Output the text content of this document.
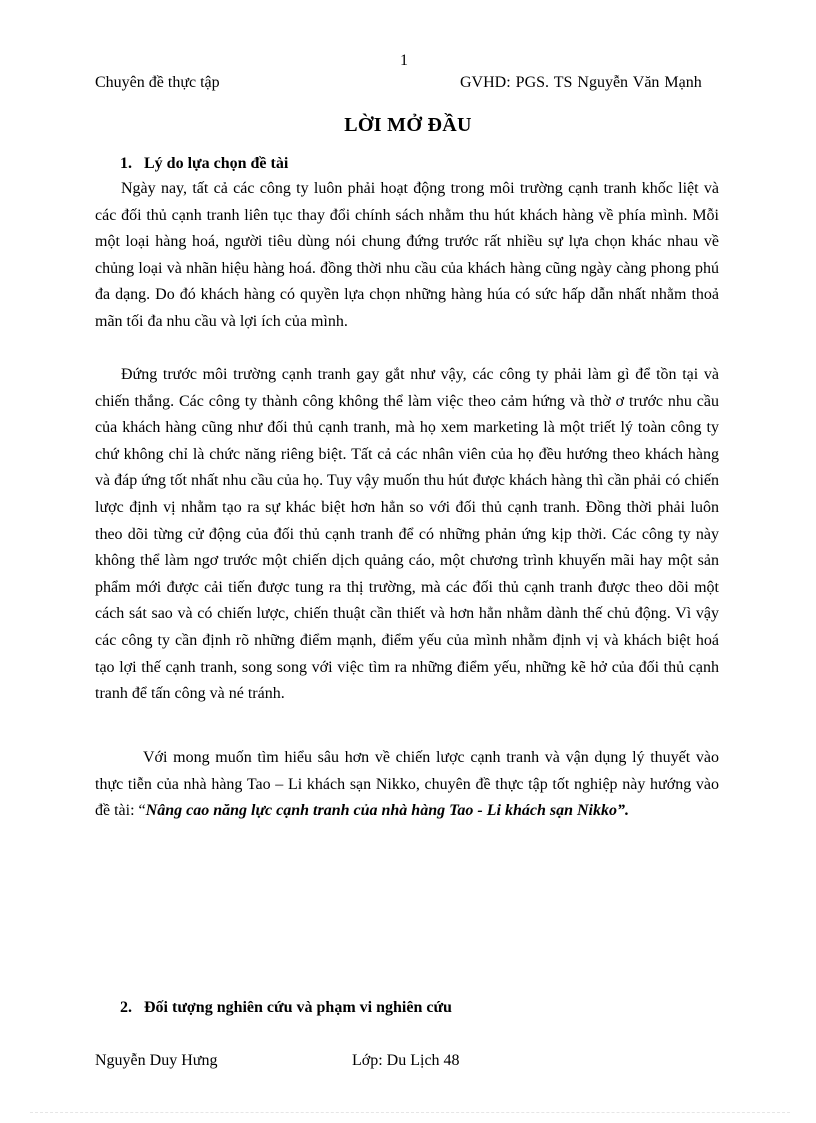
1
Chuyên đề thực tập	GVHD: PGS. TS Nguyễn Văn Mạnh
LỜI MỞ ĐẦU
1. Lý do lựa chọn đề tài
Ngày nay, tất cả các công ty luôn phải hoạt động trong môi trường cạnh tranh khốc liệt và các đối thủ cạnh tranh liên tục thay đổi chính sách nhằm thu hút khách hàng về phía mình. Mỗi một loại hàng hoá, người tiêu dùng nói chung đứng trước rất nhiều sự lựa chọn khác nhau về chủng loại và nhãn hiệu hàng hoá. đồng thời nhu cầu của khách hàng cũng ngày càng phong phú đa dạng. Do đó khách hàng có quyền lựa chọn những hàng húa có sức hấp dẫn nhất nhằm thoả mãn tối đa nhu cầu và lợi ích của mình.
Đứng trước môi trường cạnh tranh gay gắt như vậy, các công ty phải làm gì để tồn tại và chiến thắng. Các công ty thành công không thể làm việc theo cảm hứng và thờ ơ trước nhu cầu của khách hàng cũng như đối thủ cạnh tranh, mà họ xem marketing là một triết lý toàn công ty chứ không chỉ là chức năng riêng biệt. Tất cả các nhân viên của họ đều hướng theo khách hàng và đáp ứng tốt nhất nhu cầu của họ. Tuy vậy muốn thu hút được khách hàng thì cần phải có chiến lược định vị nhằm tạo ra sự khác biệt hơn hẳn so với đối thủ cạnh tranh. Đồng thời phải luôn theo dõi từng cử động của đối thủ cạnh tranh để có những phản ứng kịp thời. Các công ty này không thể làm ngơ trước một chiến dịch quảng cáo, một chương trình khuyến mãi hay một sản phẩm mới được cải tiến được tung ra thị trường, mà các đối thủ cạnh tranh được theo dõi một cách sát sao và có chiến lược, chiến thuật cần thiết và hơn hẳn nhằm dành thế chủ động. Vì vậy các công ty cần định rõ những điểm mạnh, điểm yếu của mình nhằm định vị và khách biệt hoá tạo lợi thế cạnh tranh, song song với việc tìm ra những điểm yếu, những kẽ hở của đối thủ cạnh tranh để tấn công và né tránh.
Với mong muốn tìm hiểu sâu hơn về chiến lược cạnh tranh và vận dụng lý thuyết vào thực tiễn của nhà hàng Tao – Li khách sạn Nikko, chuyên đề thực tập tốt nghiệp này hướng vào đề tài: “Nâng cao năng lực cạnh tranh của nhà hàng Tao - Li khách sạn Nikko”.
2. Đối tượng nghiên cứu và phạm vi nghiên cứu
Nguyễn Duy Hưng	Lớp: Du Lịch 48
